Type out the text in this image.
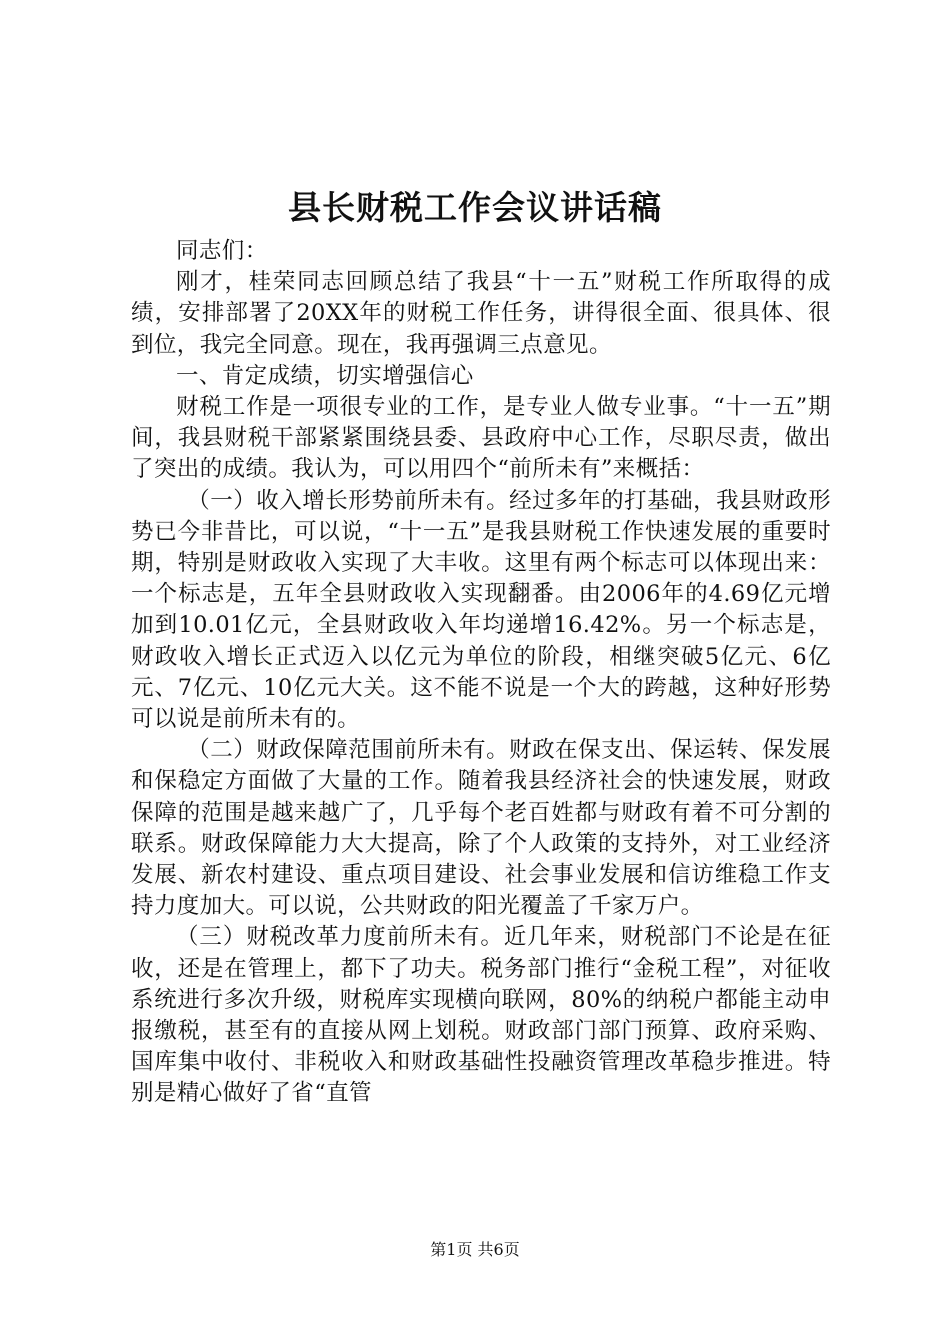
县长财税工作会议讲话稿

同志们：

刚才，桂荣同志回顾总结了我县“十一五”财税工作所取得的成绩，安排部署了20XX年的财税工作任务，讲得很全面、很具体、很到位，我完全同意。现在，我再强调三点意见。

一、肯定成绩，切实增强信心

财税工作是一项很专业的工作，是专业人做专业事。“十一五”期间，我县财税干部紧紧围绕县委、县政府中心工作，尽职尽责，做出了突出的成绩。我认为，可以用四个“前所未有”来概括：

（一）收入增长形势前所未有。经过多年的打基础，我县财政形势已今非昔比，可以说，“十一五”是我县财税工作快速发展的重要时期，特别是财政收入实现了大丰收。这里有两个标志可以体现出来：一个标志是，五年全县财政收入实现翻番。由2006年的4.69亿元增加到10.01亿元，全县财政收入年均递增16.42%。另一个标志是，财政收入增长正式迈入以亿元为单位的阶段，相继突破5亿元、6亿元、7亿元、10亿元大关。这不能不说是一个大的跨越，这种好形势可以说是前所未有的。

（二）财政保障范围前所未有。财政在保支出、保运转、保发展和保稳定方面做了大量的工作。随着我县经济社会的快速发展，财政保障的范围是越来越广了，几乎每个老百姓都与财政有着不可分割的联系。财政保障能力大大提高，除了个人政策的支持外，对工业经济发展、新农村建设、重点项目建设、社会事业发展和信访维稳工作支持力度加大。可以说，公共财政的阳光覆盖了千家万户。

（三）财税改革力度前所未有。近几年来，财税部门不论是在征收，还是在管理上，都下了功夫。税务部门推行“金税工程”，对征收系统进行多次升级，财税库实现横向联网，80%的纳税户都能主动申报缴税，甚至有的直接从网上划税。财政部门部门预算、政府采购、国库集中收付、非税收入和财政基础性投融资管理改革稳步推进。特别是精心做好了省“直管

第1页 共6页
